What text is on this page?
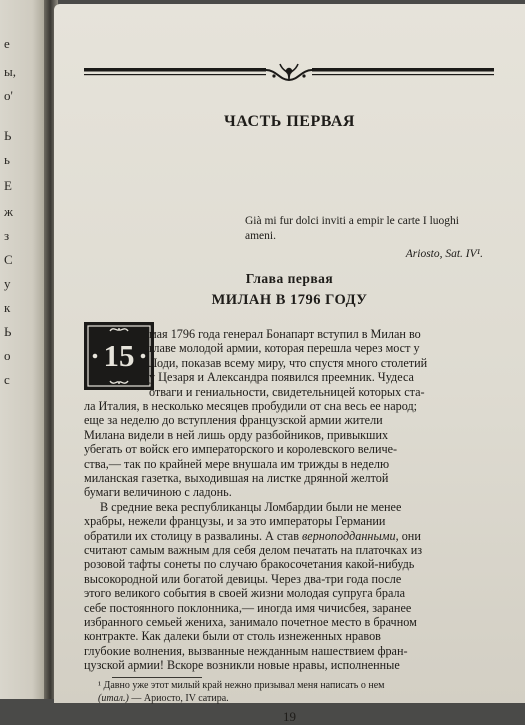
е
ы,
о'
Ь
ь
Е
ж
з
С
у
к
Ь
о
с
ЧАСТЬ ПЕРВАЯ
Già mi fur dolci inviti a empir le carte I luoghi
ameni.
Ariosto, Sat. IV¹.
Глава первая
МИЛАН В 1796 ГОДУ
15
мая 1796 года генерал Бонапарт вступил в Милан во
главе молодой армии, которая перешла через мост у
Лоди, показав всему миру, что спустя много столетий
у Цезаря и Александра появился преемник. Чудеса
отваги и гениальности, свидетельницей которых ста-
ла Италия, в несколько месяцев пробудили от сна весь ее народ;
еще за неделю до вступления французской армии жители
Милана видели в ней лишь орду разбойников, привыкших
убегать от войск его императорского и королевского величе-
ства,— так по крайней мере внушала им трижды в неделю
миланская газетка, выходившая на листке дрянной желтой
бумаги величиною с ладонь.
В средние века республиканцы Ломбардии были не менее
храбры, нежели французы, и за это императоры Германии
обратили их столицу в развалины. А став верноподданными, они
считают самым важным для себя делом печатать на платочках из
розовой тафты сонеты по случаю бракосочетания какой-нибудь
высокородной или богатой девицы. Через два-три года после
этого великого события в своей жизни молодая супруга брала
себе постоянного поклонника,— иногда имя чичисбея, заранее
избранного семьей жениха, занимало почетное место в брачном
контракте. Как далеки были от столь изнеженных нравов
глубокие волнения, вызванные нежданным нашествием фран-
цузской армии! Вскоре возникли новые нравы, исполненные
¹ Давно уже этот милый край нежно призывал меня написать о нем
(итал.) — Ариосто, IV сатира.
19
